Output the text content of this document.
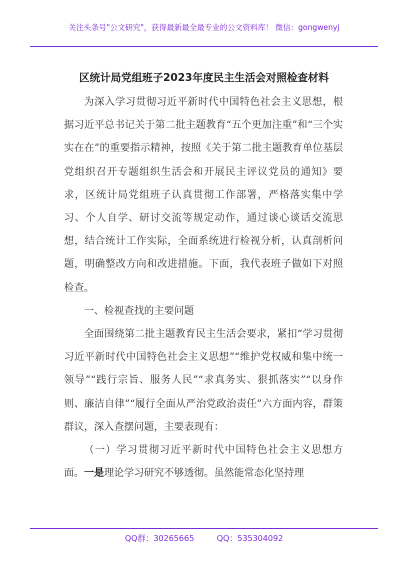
关注头条号"公文研究"，获得最新最全最专业的公文资料库！ 微信：gongwenyj
区统计局党组班子2023年度民主生活会对照检查材料

为深入学习贯彻习近平新时代中国特色社会主义思想，根据习近平总书记关于第二批主题教育“五个更加注重”和“三个实实在在”的重要指示精神，按照《关于第二批主题教育单位基层党组织召开专题组织生活会和开展民主评议党员的通知》要求，区统计局党组班子认真贯彻工作部署，严格落实集中学习、个人自学、研讨交流等规定动作，通过谈心谈话交流思想，结合统计工作实际，全面系统进行检视分析，认真剖析问题，明确整改方向和改进措施。下面，我代表班子做如下对照检查。

一、检视查找的主要问题

全面围绕第二批主题教育民主生活会要求，紧扣“学习贯彻习近平新时代中国特色社会主义思想”“维护党权威和集中统一领导”“践行宗旨、服务人民”“求真务实、狠抓落实”“以身作则、廉洁自律”“履行全面从严治党政治责任”六方面内容，群策群议，深入查摆问题，主要表现有：

（一）学习贯彻习近平新时代中国特色社会主义思想方面。一是理论学习研究不够透彻。虽然能常态化坚持理

QQ群：30265665	QQ：535304092
